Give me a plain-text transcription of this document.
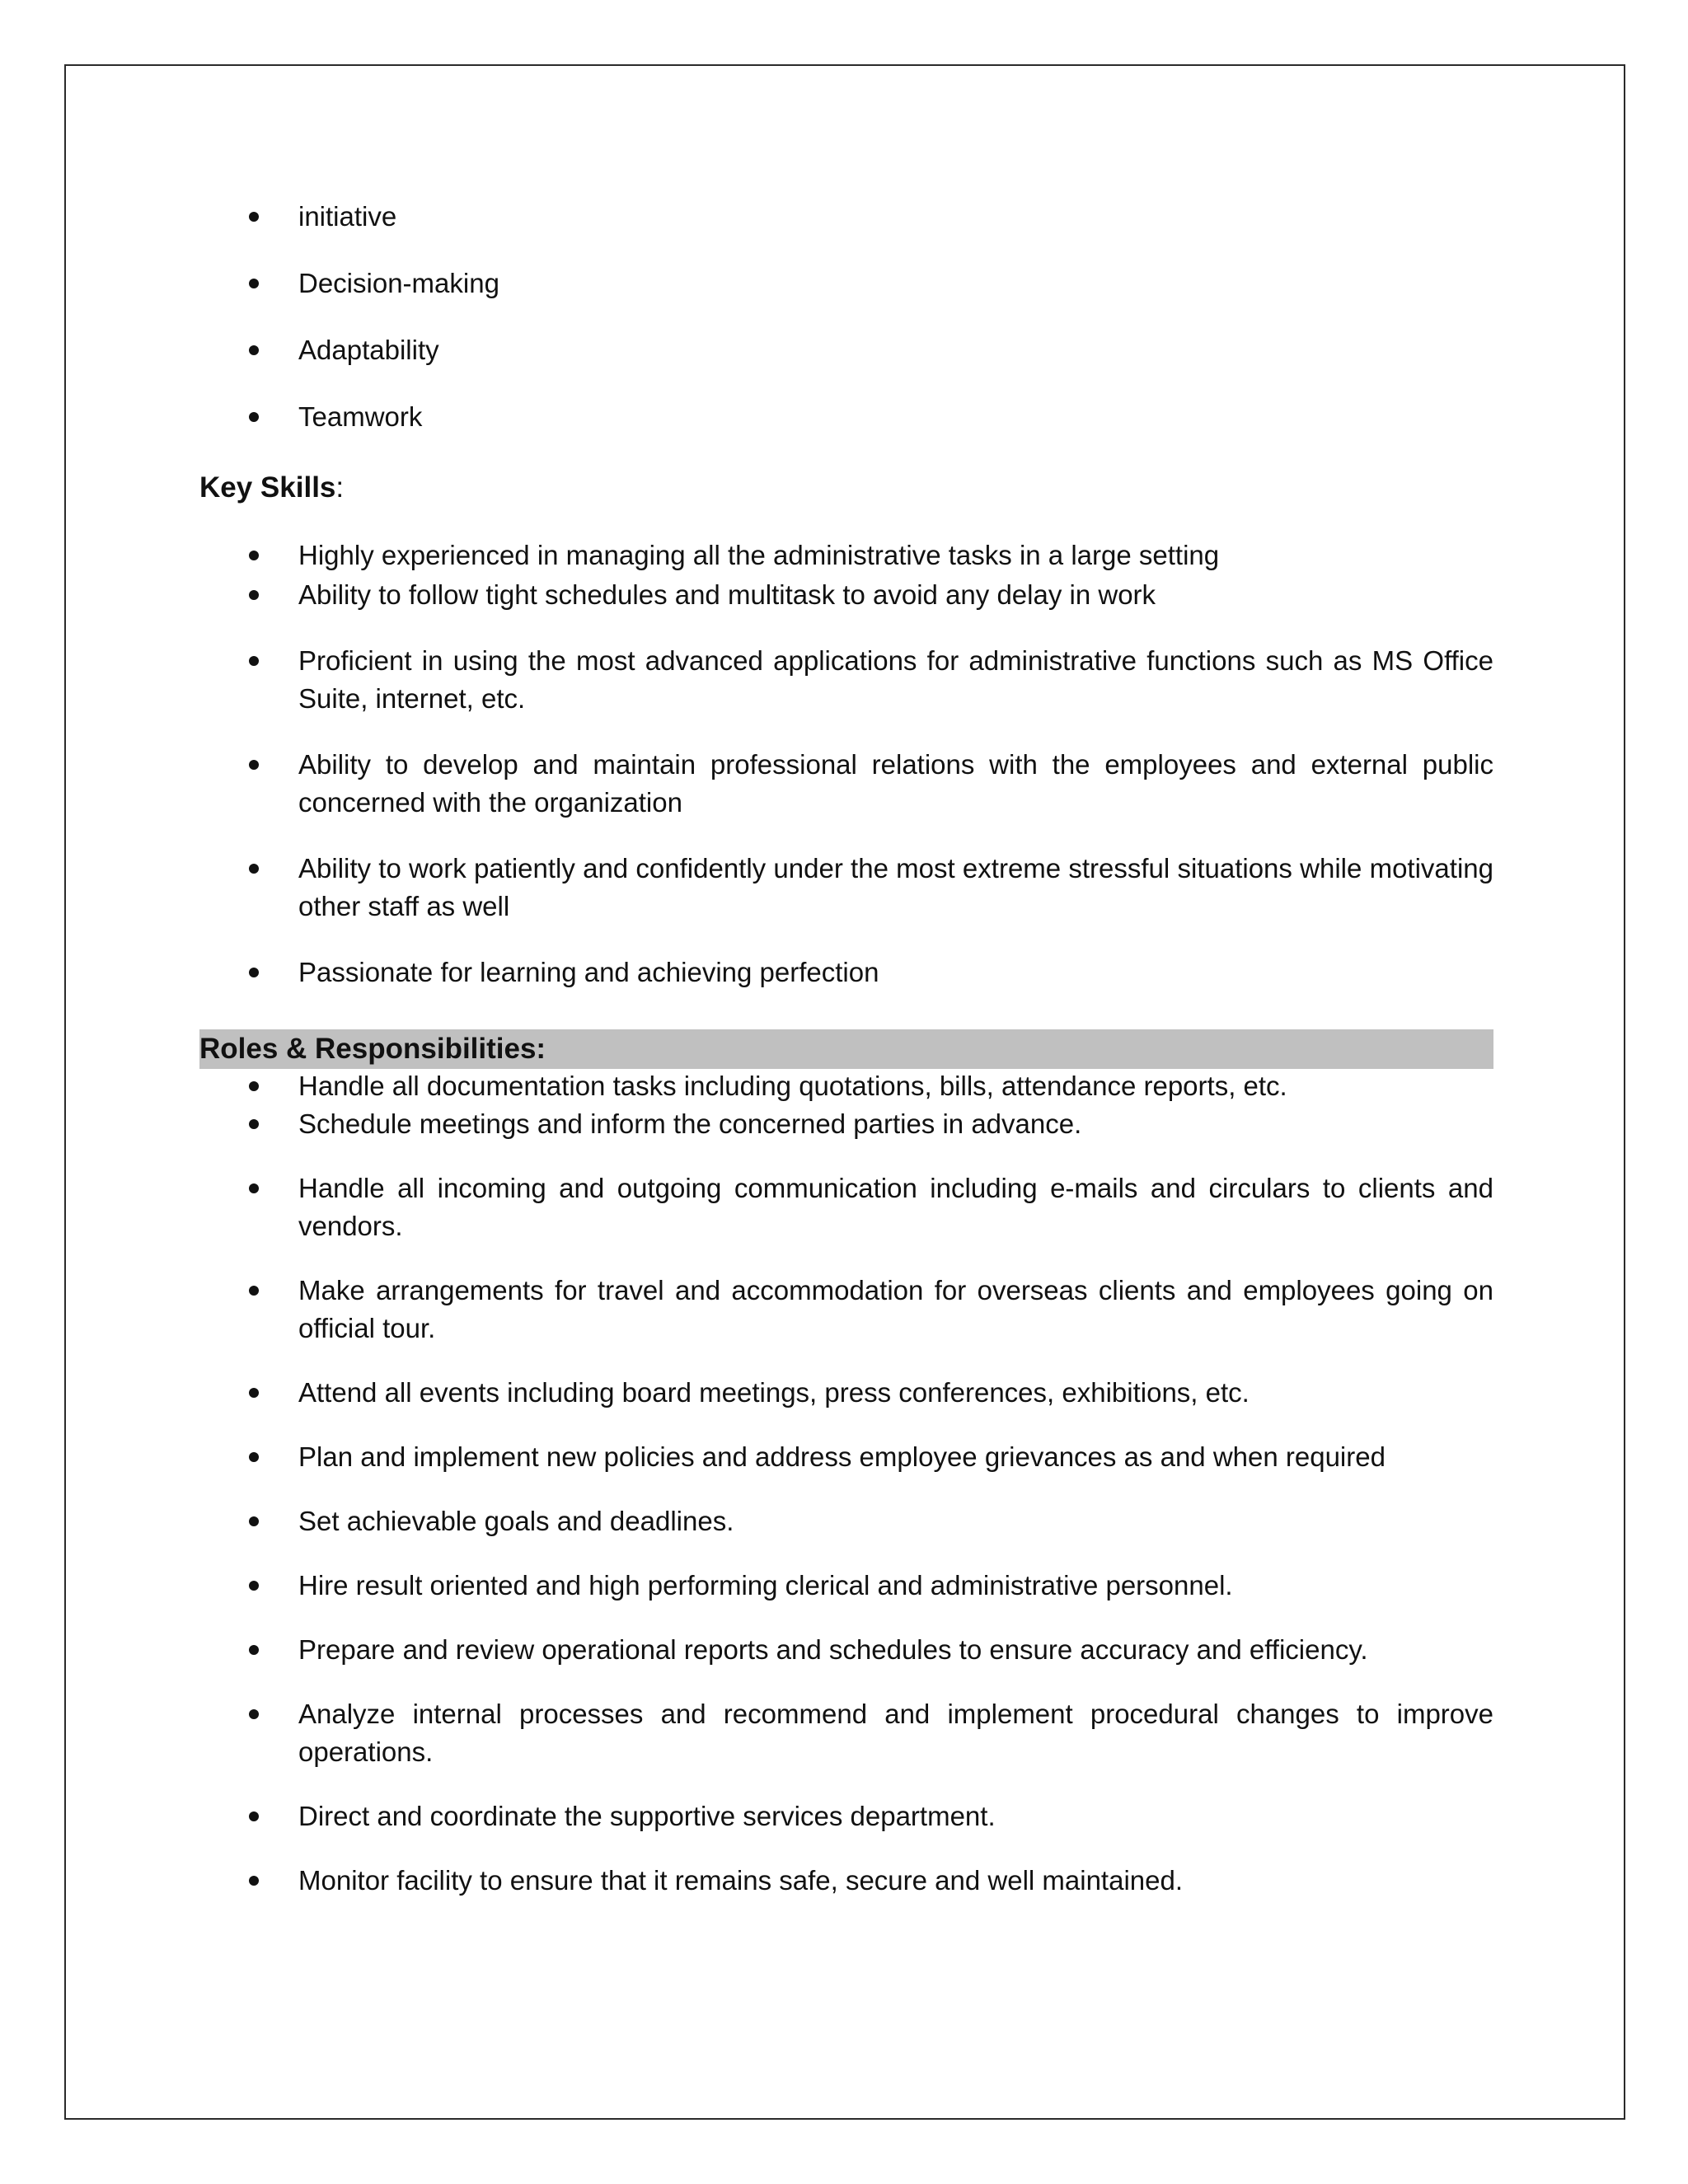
initiative
Decision-making
Adaptability
Teamwork
Key Skills:
Highly experienced in managing all the administrative tasks in a large setting
Ability to follow tight schedules and multitask to avoid any delay in work
Proficient in using the most advanced applications for administrative functions such as MS Office Suite, internet, etc.
Ability to develop and maintain professional relations with the employees and external public concerned with the organization
Ability to work patiently and confidently under the most extreme stressful situations while motivating other staff as well
Passionate for learning and achieving perfection
Roles & Responsibilities:
Handle all documentation tasks including quotations, bills, attendance reports, etc.
Schedule meetings and inform the concerned parties in advance.
Handle all incoming and outgoing communication including e-mails and circulars to clients and vendors.
Make arrangements for travel and accommodation for overseas clients and employees going on official tour.
Attend all events including board meetings, press conferences, exhibitions, etc.
Plan and implement new policies and address employee grievances as and when required
Set achievable goals and deadlines.
Hire result oriented and high performing clerical and administrative personnel.
Prepare and review operational reports and schedules to ensure accuracy and efficiency.
Analyze internal processes and recommend and implement procedural changes to improve operations.
Direct and coordinate the supportive services department.
Monitor facility to ensure that it remains safe, secure and well maintained.
